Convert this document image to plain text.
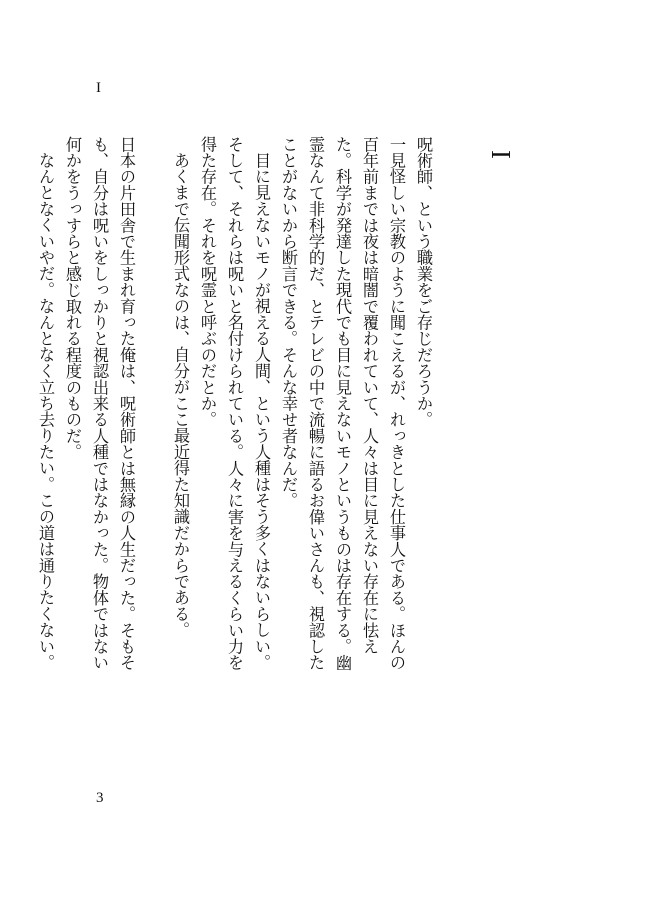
I
I

呪術師、という職業をご存じだろうか。

一見怪しい宗教のように聞こえるが、れっきとした仕事人である。ほんの百年前までは夜は暗闇で覆われていて、人々は目に見えない存在に怯えた。科学が発達した現代でも目に見えないモノというものは存在する。幽霊なんて非科学的だ、とテレビの中で流暢に語るお偉いさんも、視認したことがないから断言できる。そんな幸せ者なんだ。

目に見えないモノが視える人間、という人種はそう多くはないらしい。そして、それらは呪いと名付けられている。人々に害を与えるくらい力を得た存在。それを呪霊と呼ぶのだとか。

あくまで伝聞形式なのは、自分がここ最近得た知識だからである。

日本の片田舎で生まれ育った俺は、呪術師とは無縁の人生だった。そもそも、自分は呪いをしっかりと視認出来る人種ではなかった。物体ではない何かをうっすらと感じ取れる程度のものだ。

なんとなくいやだ。なんとなく立ち去りたい。この道は通りたくない。

3
